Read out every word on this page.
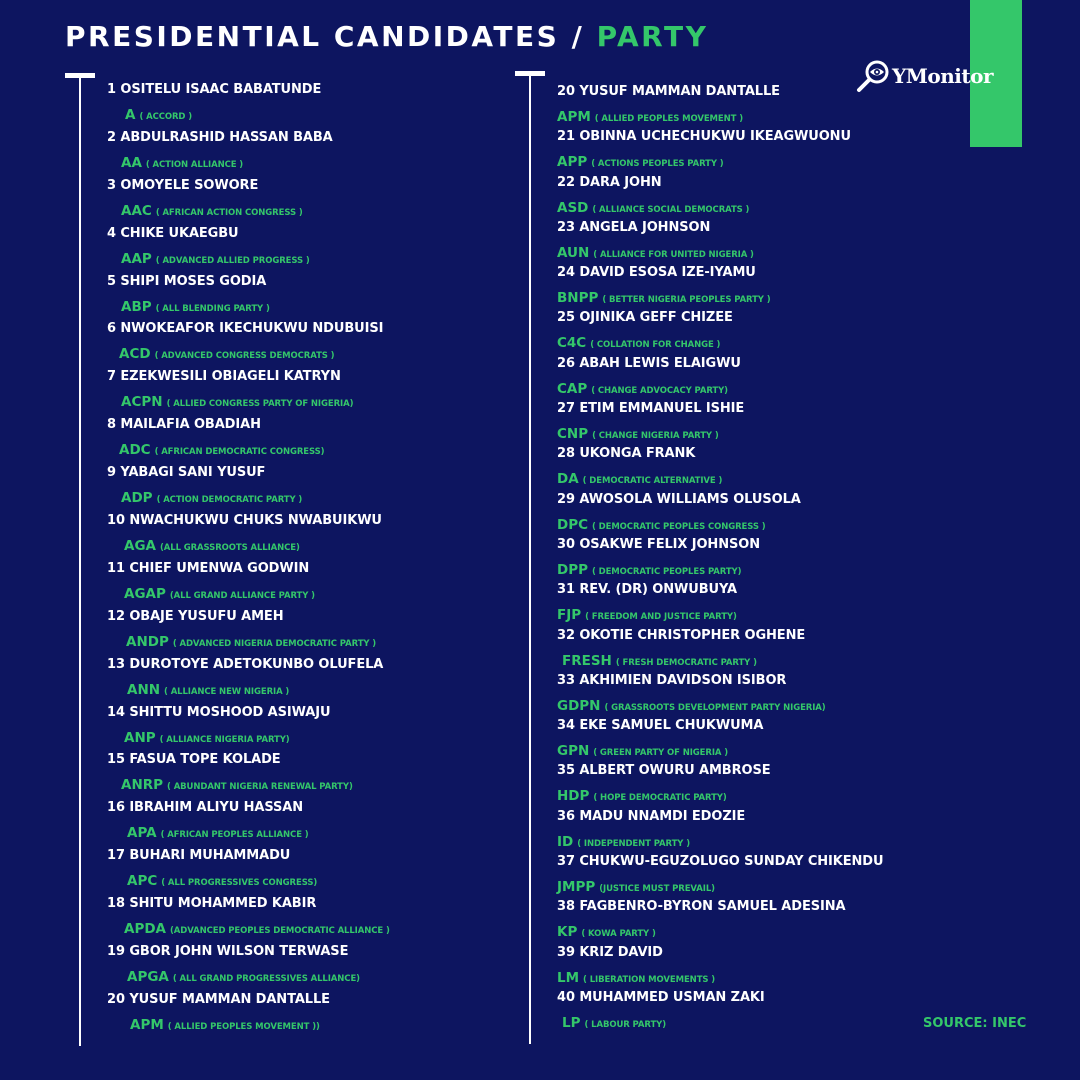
PRESIDENTIAL CANDIDATES / PARTY
YMonitor
1 OSITELU ISAAC BABATUNDE
A ( ACCORD )
2 ABDULRASHID HASSAN BABA
AA ( ACTION ALLIANCE )
3 OMOYELE SOWORE
AAC ( AFRICAN ACTION CONGRESS )
4 CHIKE UKAEGBU
AAP ( ADVANCED ALLIED PROGRESS )
5 SHIPI MOSES GODIA
ABP ( ALL BLENDING PARTY )
6 NWOKEAFOR IKECHUKWU NDUBUISI
ACD ( ADVANCED CONGRESS DEMOCRATS )
7 EZEKWESILI OBIAGELI KATRYN
ACPN ( ALLIED CONGRESS PARTY OF NIGERIA)
8 MAILAFIA OBADIAH
ADC ( AFRICAN DEMOCRATIC CONGRESS)
9 YABAGI SANI YUSUF
ADP ( ACTION DEMOCRATIC PARTY )
10 NWACHUKWU CHUKS NWABUIKWU
AGA (ALL GRASSROOTS ALLIANCE)
11 CHIEF UMENWA GODWIN
AGAP (ALL GRAND ALLIANCE PARTY )
12 OBAJE YUSUFU AMEH
ANDP ( ADVANCED NIGERIA DEMOCRATIC PARTY )
13 DUROTOYE ADETOKUNBO OLUFELA
ANN ( ALLIANCE NEW NIGERIA )
14 SHITTU MOSHOOD ASIWAJU
ANP ( ALLIANCE NIGERIA PARTY)
15 FASUA TOPE KOLADE
ANRP ( ABUNDANT NIGERIA RENEWAL PARTY)
16 IBRAHIM ALIYU HASSAN
APA ( AFRICAN PEOPLES ALLIANCE )
17 BUHARI MUHAMMADU
APC ( ALL PROGRESSIVES CONGRESS)
18 SHITU MOHAMMED KABIR
APDA (ADVANCED PEOPLES DEMOCRATIC ALLIANCE )
19 GBOR JOHN WILSON TERWASE
APGA ( ALL GRAND PROGRESSIVES ALLIANCE)
20 YUSUF MAMMAN DANTALLE
APM ( ALLIED PEOPLES MOVEMENT ))
20 YUSUF MAMMAN DANTALLE
APM ( ALLIED PEOPLES MOVEMENT )
21 OBINNA UCHECHUKWU IKEAGWUONU
APP ( ACTIONS PEOPLES PARTY )
22 DARA JOHN
ASD ( ALLIANCE SOCIAL DEMOCRATS )
23 ANGELA JOHNSON
AUN ( ALLIANCE FOR UNITED NIGERIA )
24 DAVID ESOSA IZE-IYAMU
BNPP ( BETTER NIGERIA PEOPLES PARTY )
25 OJINIKA GEFF CHIZEE
C4C ( COLLATION FOR CHANGE )
26 ABAH LEWIS ELAIGWU
CAP ( CHANGE ADVOCACY PARTY)
27 ETIM EMMANUEL ISHIE
CNP ( CHANGE NIGERIA PARTY )
28 UKONGA FRANK
DA ( DEMOCRATIC ALTERNATIVE )
29 AWOSOLA WILLIAMS OLUSOLA
DPC ( DEMOCRATIC PEOPLES CONGRESS )
30 OSAKWE FELIX JOHNSON
DPP ( DEMOCRATIC PEOPLES PARTY)
31 REV. (DR) ONWUBUYA
FJP ( FREEDOM AND JUSTICE PARTY)
32 OKOTIE CHRISTOPHER OGHENE
FRESH ( FRESH DEMOCRATIC PARTY )
33 AKHIMIEN DAVIDSON ISIBOR
GDPN ( GRASSROOTS DEVELOPMENT PARTY NIGERIA)
34 EKE SAMUEL CHUKWUMA
GPN ( GREEN PARTY OF NIGERIA )
35 ALBERT OWURU AMBROSE
HDP ( HOPE DEMOCRATIC PARTY)
36 MADU NNAMDI EDOZIE
ID ( INDEPENDENT PARTY )
37 CHUKWU-EGUZOLUGO SUNDAY CHIKENDU
JMPP (JUSTICE MUST PREVAIL)
38 FAGBENRO-BYRON SAMUEL ADESINA
KP ( KOWA PARTY )
39 KRIZ DAVID
LM ( LIBERATION MOVEMENTS )
40 MUHAMMED USMAN ZAKI
LP ( LABOUR PARTY)	SOURCE: INEC
